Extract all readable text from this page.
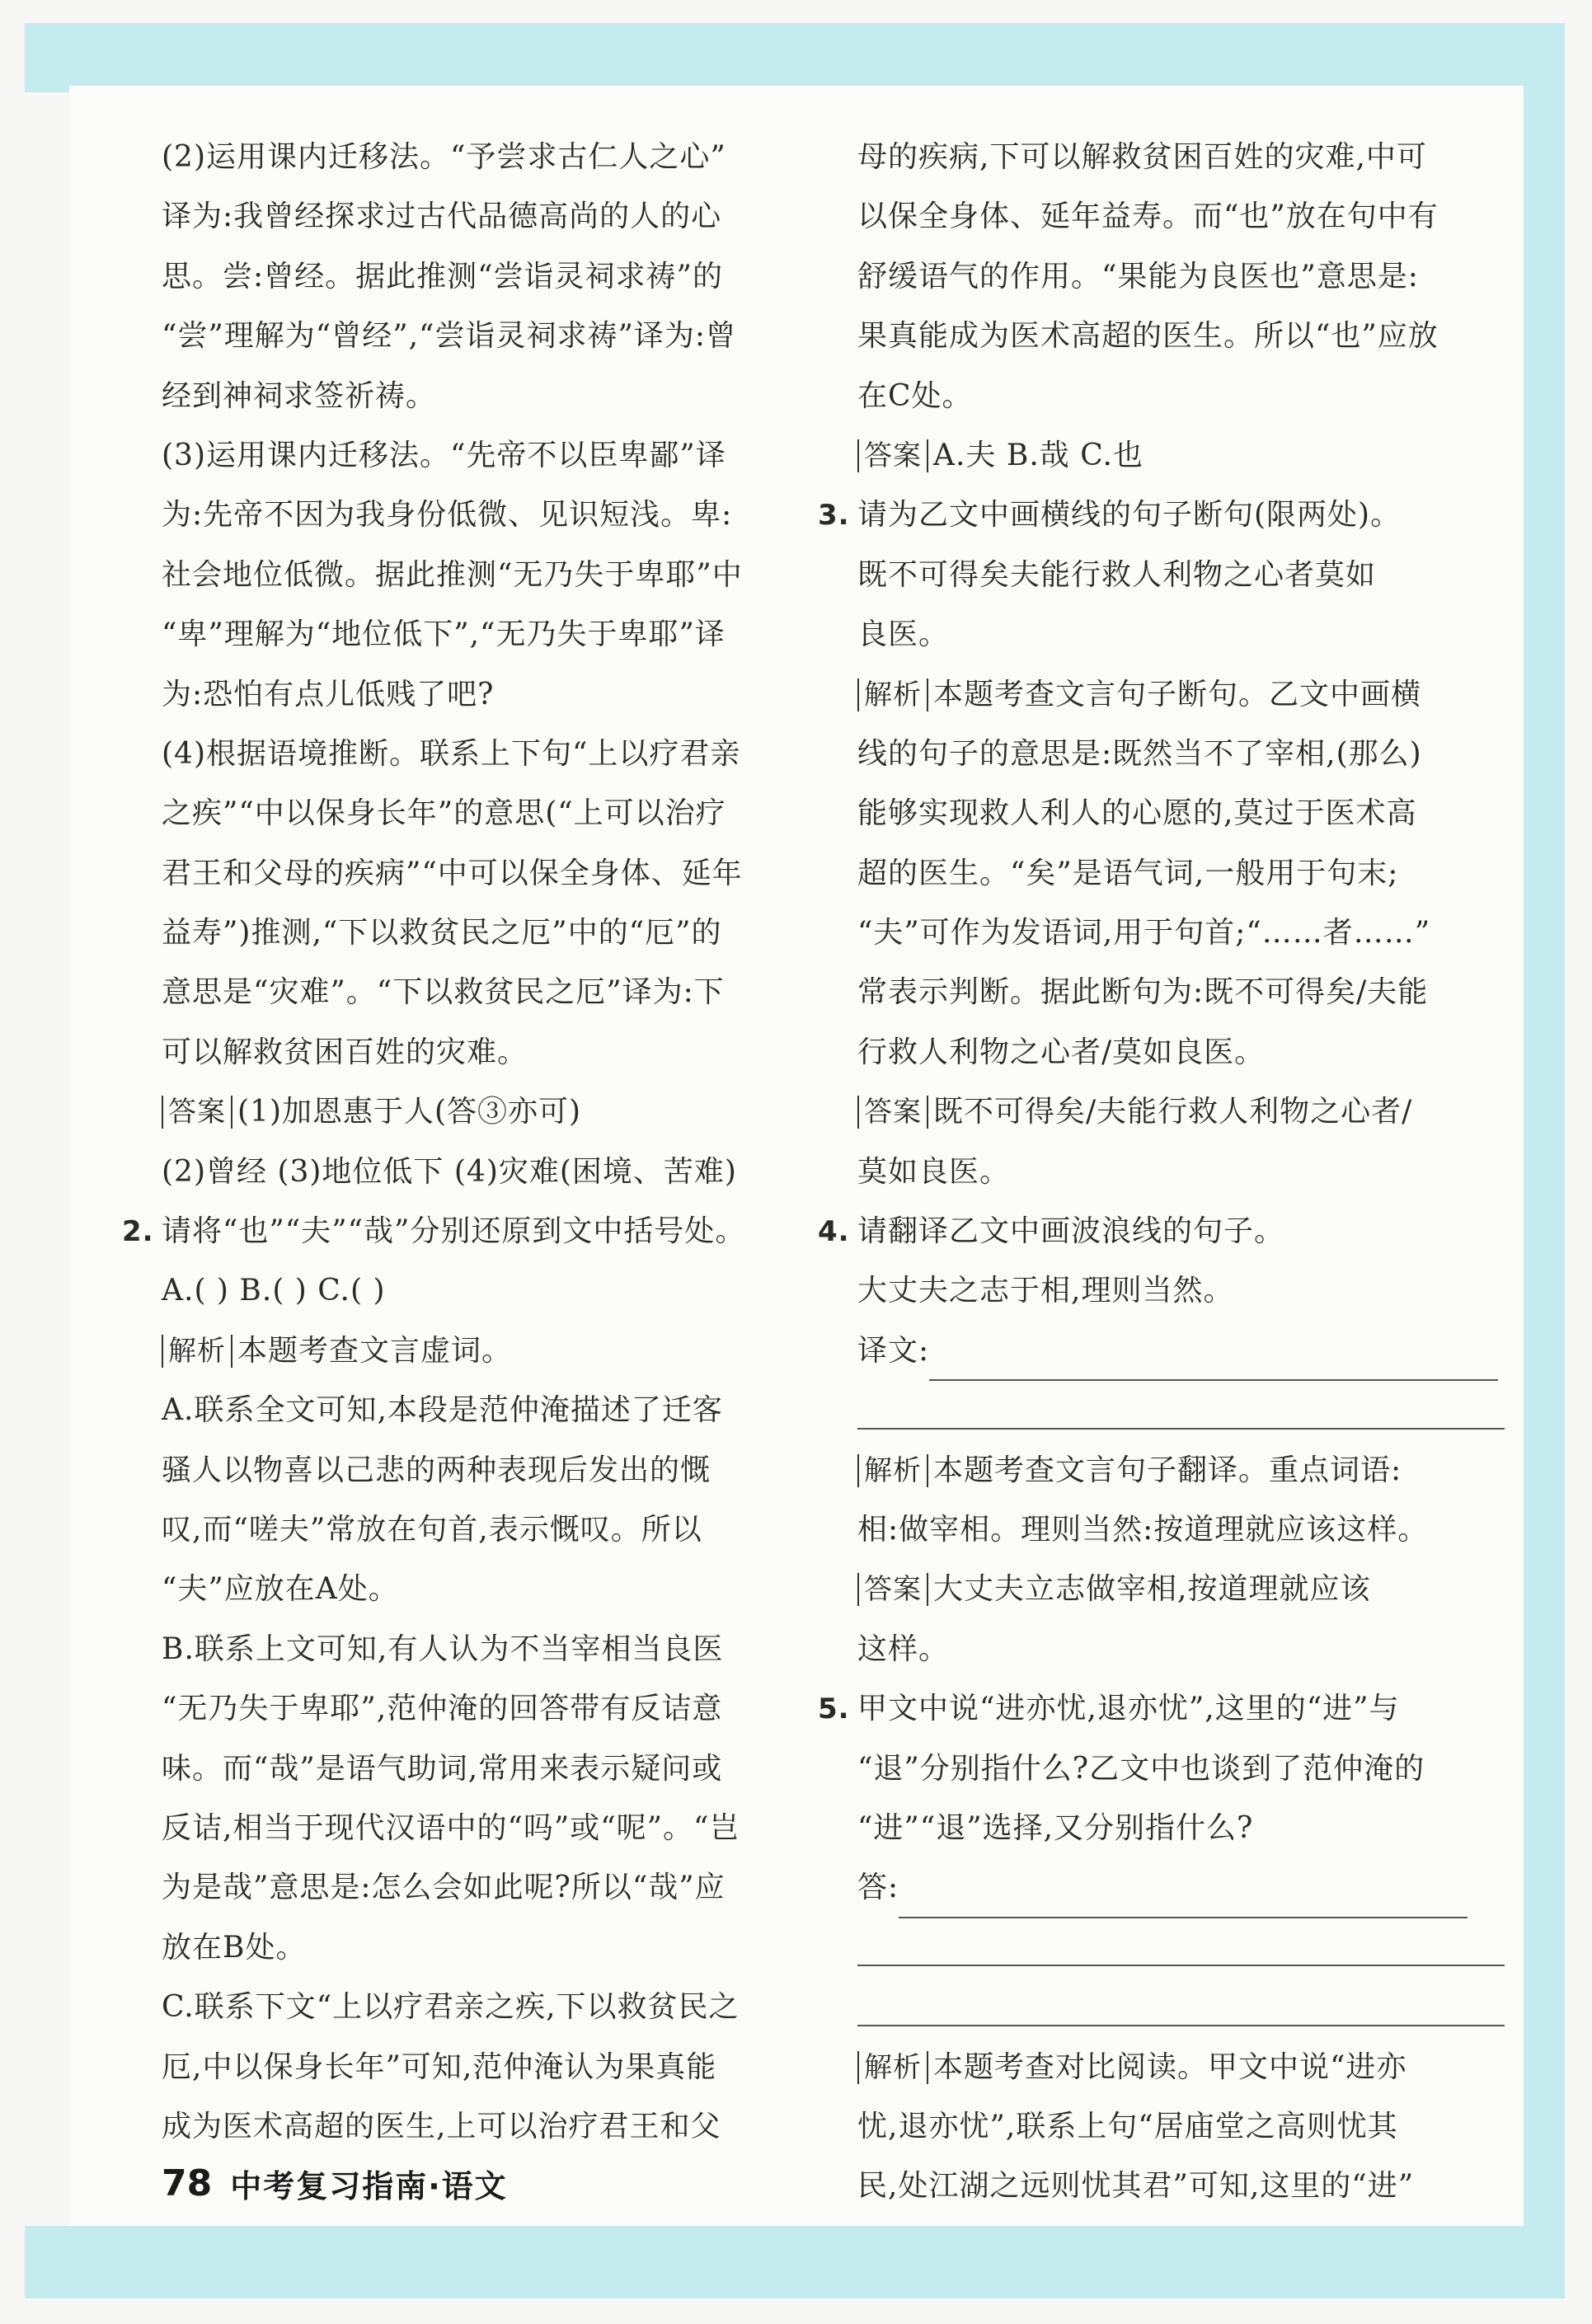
(2)运用课内迁移法。“予尝求古仁人之心”
译为:我曾经探求过古代品德高尚的人的心
思。尝:曾经。据此推测“尝诣灵祠求祷”的
“尝”理解为“曾经”,“尝诣灵祠求祷”译为:曾
经到神祠求签祈祷。
(3)运用课内迁移法。“先帝不以臣卑鄙”译
为:先帝不因为我身份低微、见识短浅。卑:
社会地位低微。据此推测“无乃失于卑耶”中
“卑”理解为“地位低下”,“无乃失于卑耶”译
为:恐怕有点儿低贱了吧?
(4)根据语境推断。联系上下句“上以疗君亲
之疾”“中以保身长年”的意思(“上可以治疗
君王和父母的疾病”“中可以保全身体、延年
益寿”)推测,“下以救贫民之厄”中的“厄”的
意思是“灾难”。“下以救贫民之厄”译为:下
可以解救贫困百姓的灾难。
答案 (1)加恩惠于人(答③亦可)
(2)曾经 (3)地位低下 (4)灾难(困境、苦难)
2. 请将“也”“夫”“哉”分别还原到文中括号处。
A.( ) B.( ) C.( )
解析 本题考查文言虚词。
A.联系全文可知,本段是范仲淹描述了迁客
骚人以物喜以己悲的两种表现后发出的慨
叹,而“嗟夫”常放在句首,表示慨叹。所以
“夫”应放在A处。
B.联系上文可知,有人认为不当宰相当良医
“无乃失于卑耶”,范仲淹的回答带有反诘意
味。而“哉”是语气助词,常用来表示疑问或
反诘,相当于现代汉语中的“吗”或“呢”。“岂
为是哉”意思是:怎么会如此呢?所以“哉”应
放在B处。
C.联系下文“上以疗君亲之疾,下以救贫民之
厄,中以保身长年”可知,范仲淹认为果真能
成为医术高超的医生,上可以治疗君王和父
母的疾病,下可以解救贫困百姓的灾难,中可
以保全身体、延年益寿。而“也”放在句中有
舒缓语气的作用。“果能为良医也”意思是:
果真能成为医术高超的医生。所以“也”应放
在C处。
答案 A.夫 B.哉 C.也
3. 请为乙文中画横线的句子断句(限两处)。
既不可得矣夫能行救人利物之心者莫如
良医。
解析 本题考查文言句子断句。乙文中画横
线的句子的意思是:既然当不了宰相,(那么)
能够实现救人利人的心愿的,莫过于医术高
超的医生。“矣”是语气词,一般用于句末;
“夫”可作为发语词,用于句首;“……者……”
常表示判断。据此断句为:既不可得矣/夫能
行救人利物之心者/莫如良医。
答案 既不可得矣/夫能行救人利物之心者/
莫如良医。
4. 请翻译乙文中画波浪线的句子。
大丈夫之志于相,理则当然。
译文:
解析 本题考查文言句子翻译。重点词语:
相:做宰相。理则当然:按道理就应该这样。
答案 大丈夫立志做宰相,按道理就应该
这样。
5. 甲文中说“进亦忧,退亦忧”,这里的“进”与
“退”分别指什么?乙文中也谈到了范仲淹的
“进”“退”选择,又分别指什么?
答:
解析 本题考查对比阅读。甲文中说“进亦
忧,退亦忧”,联系上句“居庙堂之高则忧其
民,处江湖之远则忧其君”可知,这里的“进”
78 中考复习指南·语文
